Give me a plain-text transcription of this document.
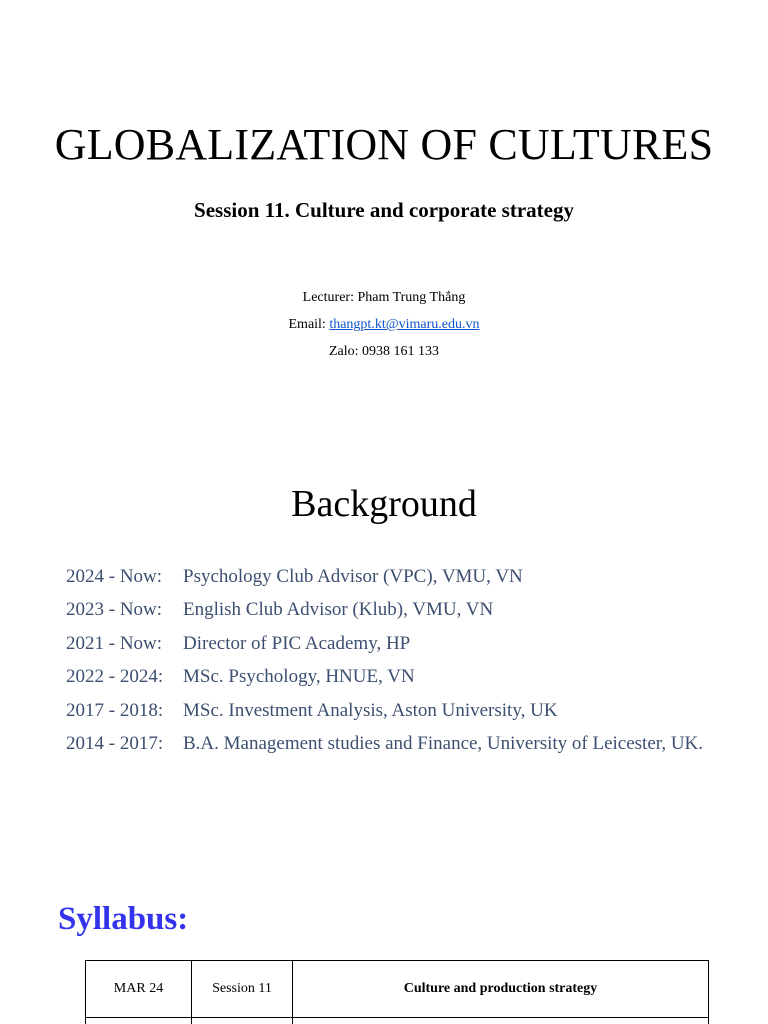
GLOBALIZATION OF CULTURES
Session 11. Culture and corporate strategy
Lecturer: Pham Trung Thắng
Email: thangpt.kt@vimaru.edu.vn
Zalo: 0938 161 133
Background
2024 - Now:	Psychology Club Advisor (VPC), VMU, VN
2023 - Now:	English Club Advisor (Klub), VMU, VN
2021 - Now:	Director of PIC Academy, HP
2022 - 2024:	MSc. Psychology, HNUE, VN
2017 - 2018:	MSc. Investment Analysis, Aston University, UK
2014 - 2017:	B.A. Management studies and Finance, University of Leicester, UK.
Syllabus:
MAR 24	Session 11	Culture and production strategy
